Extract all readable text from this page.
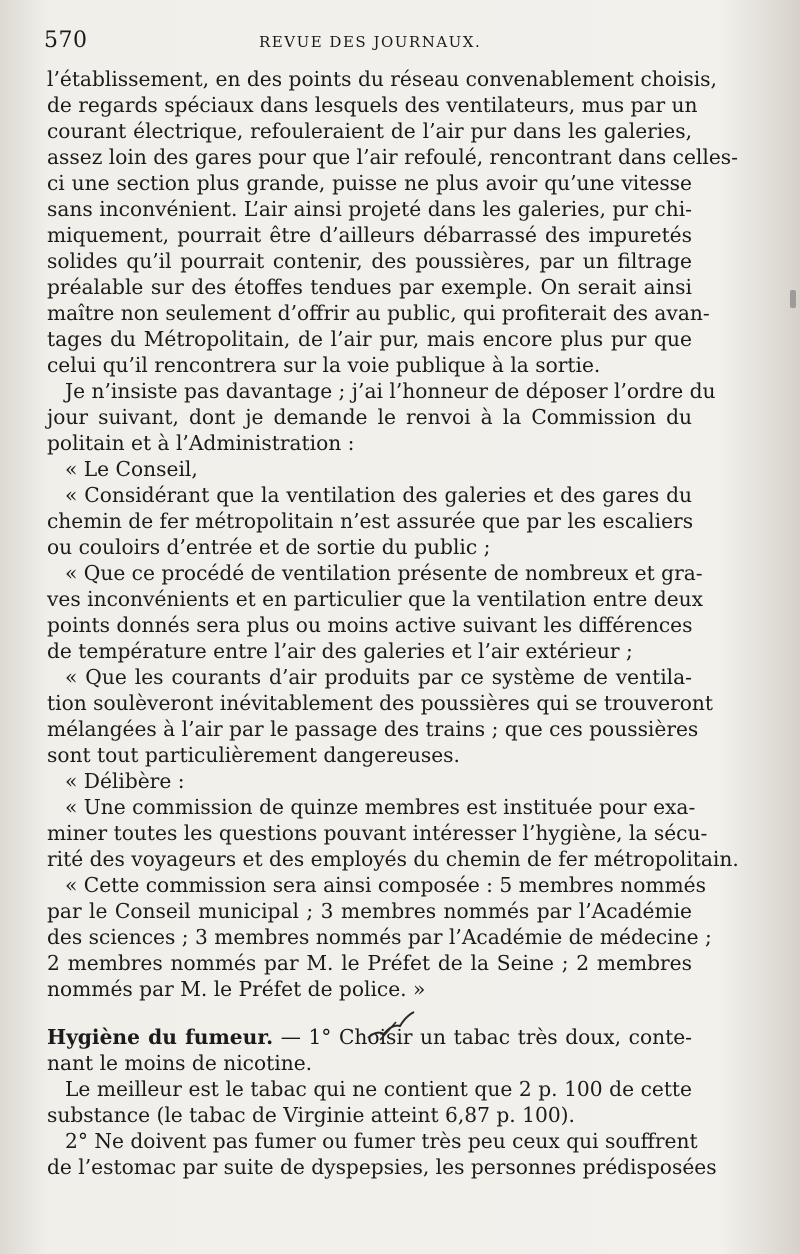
570	REVUE DES JOURNAUX.
l’établissement, en des points du réseau convenablement choisis,
de regards spéciaux dans lesquels des ventilateurs, mus par un
courant électrique, refouleraient de l’air pur dans les galeries,
assez loin des gares pour que l’air refoulé, rencontrant dans celles-
ci une section plus grande, puisse ne plus avoir qu’une vitesse
sans inconvénient. L’air ainsi projeté dans les galeries, pur chi-
miquement, pourrait être d’ailleurs débarrassé des impuretés
solides qu’il pourrait contenir, des poussières, par un filtrage
préalable sur des étoffes tendues par exemple. On serait ainsi
maître non seulement d’offrir au public, qui profiterait des avan-
tages du Métropolitain, de l’air pur, mais encore plus pur que
celui qu’il rencontrera sur la voie publique à la sortie.
Je n’insiste pas davantage ; j’ai l’honneur de déposer l’ordre du
jour suivant, dont je demande le renvoi à la Commission du
politain et à l’Administration :
« Le Conseil,
« Considérant que la ventilation des galeries et des gares du
chemin de fer métropolitain n’est assurée que par les escaliers
ou couloirs d’entrée et de sortie du public ;
« Que ce procédé de ventilation présente de nombreux et gra-
ves inconvénients et en particulier que la ventilation entre deux
points donnés sera plus ou moins active suivant les différences
de température entre l’air des galeries et l’air extérieur ;
« Que les courants d’air produits par ce système de ventila-
tion soulèveront inévitablement des poussières qui se trouveront
mélangées à l’air par le passage des trains ; que ces poussières
sont tout particulièrement dangereuses.
« Délibère :
« Une commission de quinze membres est instituée pour exa-
miner toutes les questions pouvant intéresser l’hygiène, la sécu-
rité des voyageurs et des employés du chemin de fer métropolitain.
« Cette commission sera ainsi composée : 5 membres nommés
par le Conseil municipal ; 3 membres nommés par l’Académie
des sciences ; 3 membres nommés par l’Académie de médecine ;
2 membres nommés par M. le Préfet de la Seine ; 2 membres
nommés par M. le Préfet de police. »
Hygiène du fumeur. — 1° Choisir un tabac très doux, conte-
nant le moins de nicotine.
Le meilleur est le tabac qui ne contient que 2 p. 100 de cette
substance (le tabac de Virginie atteint 6,87 p. 100).
2° Ne doivent pas fumer ou fumer très peu ceux qui souffrent
de l’estomac par suite de dyspepsies, les personnes prédisposées
